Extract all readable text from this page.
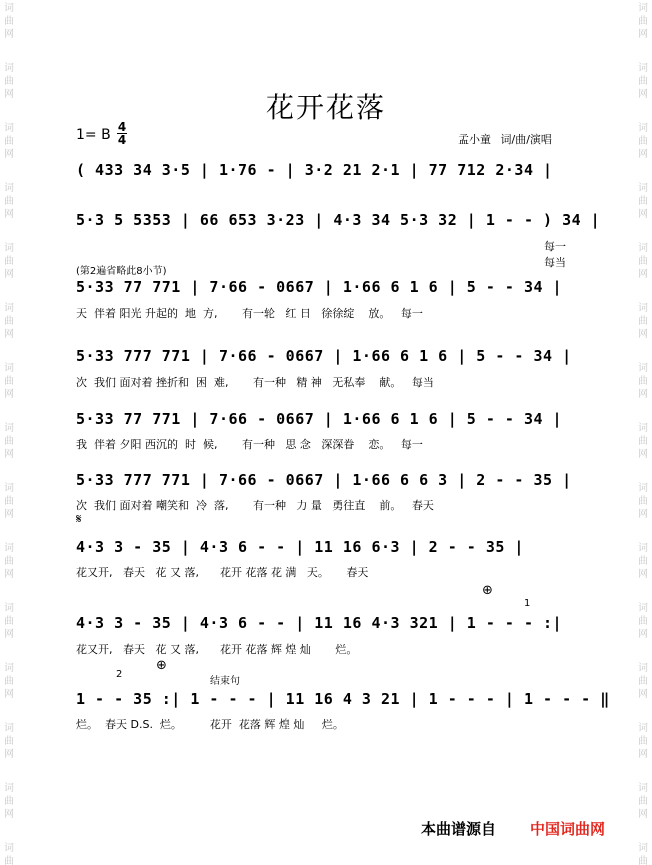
词
曲
网
词
曲
网
词
曲
网
词
曲
网
词
曲
网
词
曲
网
词
曲
网
词
曲
网
词
曲
网
词
曲
网
词
曲
网
词
曲
网
词
曲
网
词
曲
网
词
曲
词
曲
网
词
曲
网
词
曲
网
词
曲
网
词
曲
网
词
曲
网
词
曲
网
词
曲
网
词
曲
网
词
曲
网
词
曲
网
词
曲
网
词
曲
网
词
曲
网
词
曲
花开花落
1= B 4
4	孟小童 词/曲/演唱
( 433 34 3·5 | 1·76 - | 3·2 21 2·1 | 77 712 2·34 |
5·3 5 5353 | 66 653 3·23 | 4·3 34 5·3 32 | 1 - - ) 34 |
每一
每当
(第2遍省略此8小节)
5·33 77 771 | 7·66 - 0667 | 1·66 6 1 6 | 5 - - 34 |
天  伴着 阳光 升起的  地  方,       有一轮   红 日   徐徐绽    放。   每一
5·33 777 771 | 7·66 - 0667 | 1·66 6 1 6 | 5 - - 34 |
次  我们 面对着 挫折和  困  难,       有一种   精 神   无私奉    献。   每当
5·33 77 771 | 7·66 - 0667 | 1·66 6 1 6 | 5 - - 34 |
我  伴着 夕阳 西沉的  时  候,       有一种   思 念   深深眷    恋。   每一
5·33 777 771 | 7·66 - 0667 | 1·66 6 6 3 | 2 - - 35 |
次  我们 面对着 嘲笑和  冷  落,       有一种   力 量   勇往直    前。   春天
𝄋
4·3 3 - 35 | 4·3 6 - - | 11 16 6·3 | 2 - - 35 |
花又开,   春天   花 又 落,      花开 花落 花 满   天。     春天
⊕
1
4·3 3 - 35 | 4·3 6 - - | 11 16 4·3 321 | 1 - - - :|
花又开,   春天   花 又 落,      花开 花落 辉 煌 灿       烂。
2
⊕
结束句
1 - - 35 :| 1 - - - | 11 16 4 3 21 | 1 - - - | 1 - - - ‖
烂。  春天 D.S.  烂。        花开  花落 辉 煌 灿     烂。
本曲谱源自 中国词曲网
